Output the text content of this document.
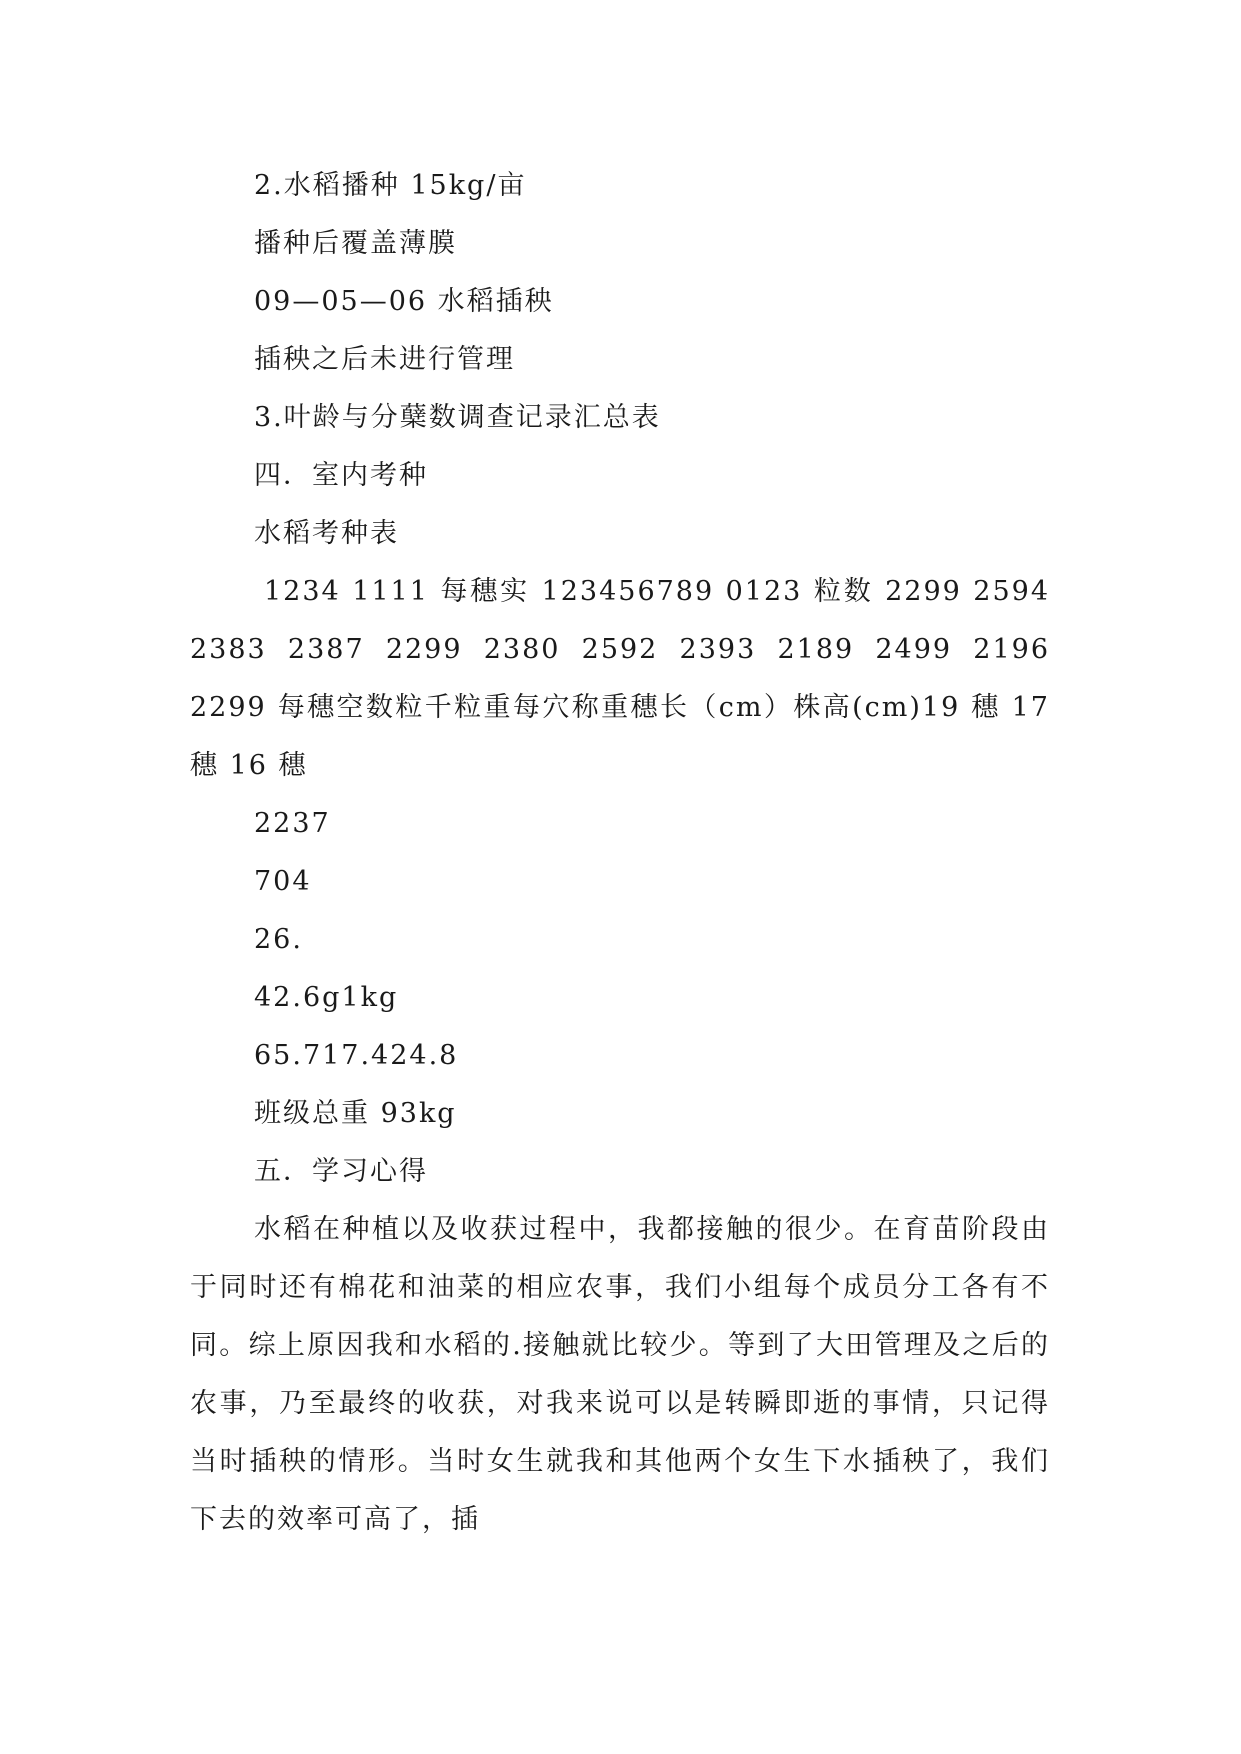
2.水稻播种 15kg/亩
播种后覆盖薄膜
09—05—06 水稻插秧
插秧之后未进行管理
3.叶龄与分蘖数调查记录汇总表
四．室内考种
水稻考种表

1234 1111 每穗实 123456789 0123 粒数 2299 2594 2383 2387 2299 2380 2592 2393 2189 2499 2196 2299 每穗空数粒千粒重每穴称重穗长（cm）株高(cm)19 穗 17 穗 16 穗

2237
704
26.
42.6g1kg
65.717.424.8
班级总重 93kg
五．学习心得

水稻在种植以及收获过程中，我都接触的很少。在育苗阶段由于同时还有棉花和油菜的相应农事，我们小组每个成员分工各有不同。综上原因我和水稻的.接触就比较少。等到了大田管理及之后的农事，乃至最终的收获，对我来说可以是转瞬即逝的事情，只记得当时插秧的情形。当时女生就我和其他两个女生下水插秧了，我们下去的效率可高了，插
